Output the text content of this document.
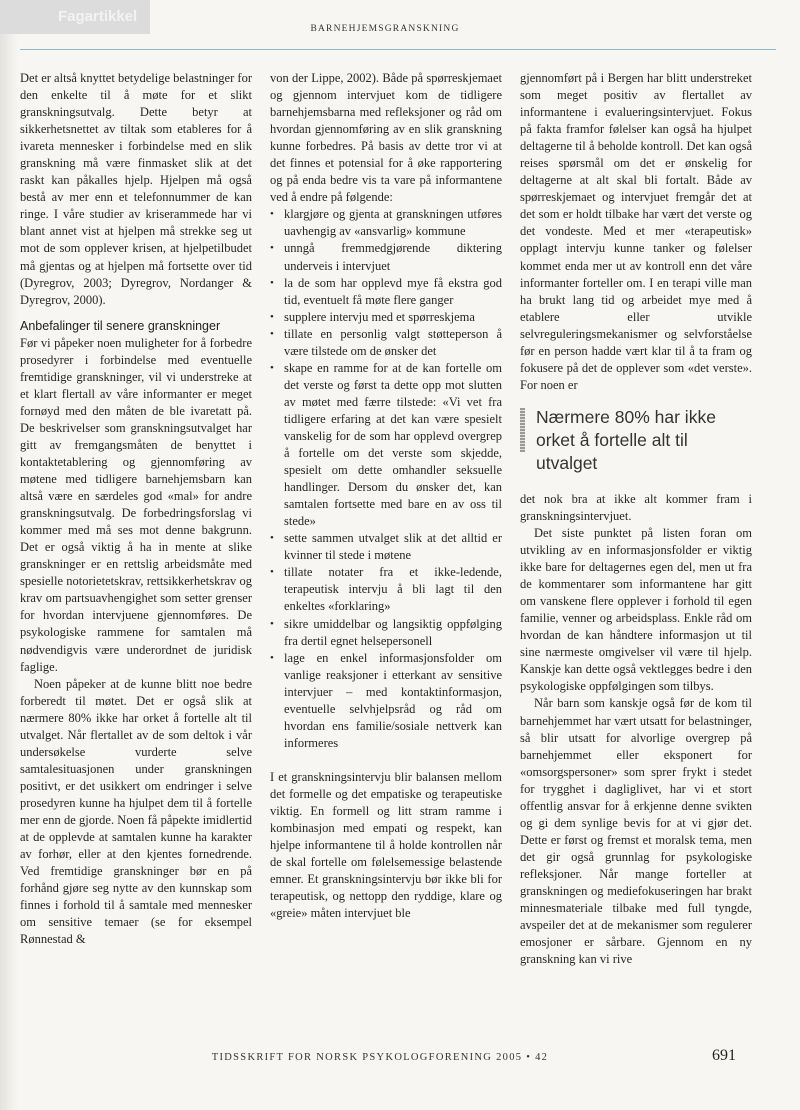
Fagartikkel
BARNEHJEMSGRANSKNING

Det er altså knyttet betydelige belastninger for den enkelte til å møte for et slikt granskningsutvalg. Dette betyr at sikkerhetsnettet av tiltak som etableres for å ivareta mennesker i forbindelse med en slik granskning må være finmasket slik at det raskt kan påkalles hjelp. Hjelpen må også bestå av mer enn et telefonnummer de kan ringe. I våre studier av kriserammede har vi blant annet vist at hjelpen må strekke seg ut mot de som opplever krisen, at hjelpetilbudet må gjentas og at hjelpen må fortsette over tid (Dyregrov, 2003; Dyregrov, Nordanger & Dyregrov, 2000).

Anbefalinger til senere granskninger

Før vi påpeker noen muligheter for å forbedre prosedyrer i forbindelse med eventuelle fremtidige granskninger, vil vi understreke at et klart flertall av våre informanter er meget fornøyd med den måten de ble ivaretatt på. De beskrivelser som granskningsutvalget har gitt av fremgangsmåten de benyttet i kontaktetablering og gjennomføring av møtene med tidligere barnehjemsbarn kan altså være en særdeles god «mal» for andre granskningsutvalg. De forbedringsforslag vi kommer med må ses mot denne bakgrunn. Det er også viktig å ha in mente at slike granskninger er en rettslig arbeidsmåte med spesielle notorietetskrav, rettsikkerhetskrav og krav om partsuavhengighet som setter grenser for hvordan intervjuene gjennomføres. De psykologiske rammene for samtalen må nødvendigvis være underordnet de juridisk faglige.

Noen påpeker at de kunne blitt noe bedre forberedt til møtet. Det er også slik at nærmere 80% ikke har orket å fortelle alt til utvalget. Når flertallet av de som deltok i vår undersøkelse vurderte selve samtalesituasjonen under granskningen positivt, er det usikkert om endringer i selve prosedyren kunne ha hjulpet dem til å fortelle mer enn de gjorde. Noen få påpekte imidlertid at de opplevde at samtalen kunne ha karakter av forhør, eller at den kjentes fornedrende. Ved fremtidige granskninger bør en på forhånd gjøre seg nytte av den kunnskap som finnes i forhold til å samtale med mennesker om sensitive temaer (se for eksempel Rønnestad &

von der Lippe, 2002). Både på spørreskjemaet og gjennom intervjuet kom de tidligere barnehjemsbarna med refleksjoner og råd om hvordan gjennomføring av en slik granskning kunne forbedres. På basis av dette tror vi at det finnes et potensial for å øke rapportering og på enda bedre vis ta vare på informantene ved å endre på følgende:

• klargjøre og gjenta at granskningen utføres uavhengig av «ansvarlig» kommune
• unngå fremmedgjørende diktering underveis i intervjuet
• la de som har opplevd mye få ekstra god tid, eventuelt få møte flere ganger
• supplere intervju med et spørreskjema
• tillate en personlig valgt støtteperson å være tilstede om de ønsker det
• skape en ramme for at de kan fortelle om det verste og først ta dette opp mot slutten av møtet med færre tilstede: «Vi vet fra tidligere erfaring at det kan være spesielt vanskelig for de som har opplevd overgrep å fortelle om det verste som skjedde, spesielt om dette omhandler seksuelle handlinger. Dersom du ønsker det, kan samtalen fortsette med bare en av oss til stede»
• sette sammen utvalget slik at det alltid er kvinner til stede i møtene
• tillate notater fra et ikke-ledende, terapeutisk intervju å bli lagt til den enkeltes «forklaring»
• sikre umiddelbar og langsiktig oppfølging fra dertil egnet helsepersonell
• lage en enkel informasjonsfolder om vanlige reaksjoner i etterkant av sensitive intervjuer – med kontaktinformasjon, eventuelle selvhjelpsråd og råd om hvordan ens familie/sosiale nettverk kan informeres

I et granskningsintervju blir balansen mellom det formelle og det empatiske og terapeutiske viktig. En formell og litt stram ramme i kombinasjon med empati og respekt, kan hjelpe informantene til å holde kontrollen når de skal fortelle om følelsemessige belastende emner. Et granskningsintervju bør ikke bli for terapeutisk, og nettopp den ryddige, klare og «greie» måten intervjuet ble

gjennomført på i Bergen har blitt understreket som meget positiv av flertallet av informantene i evalueringsintervjuet. Fokus på fakta framfor følelser kan også ha hjulpet deltagerne til å beholde kontroll. Det kan også reises spørsmål om det er ønskelig for deltagerne at alt skal bli fortalt. Både av spørreskjemaet og intervjuet fremgår det at det som er holdt tilbake har vært det verste og det vondeste. Med et mer «terapeutisk» opplagt intervju kunne tanker og følelser kommet enda mer ut av kontroll enn det våre informanter forteller om. I en terapi ville man ha brukt lang tid og arbeidet mye med å etablere eller utvikle selvreguleringsmekanismer og selvforståelse før en person hadde vært klar til å ta fram og fokusere på det de opplever som «det verste». For noen er

Nærmere 80% har ikke orket å fortelle alt til utvalget

det nok bra at ikke alt kommer fram i granskningsintervjuet.

Det siste punktet på listen foran om utvikling av en informasjonsfolder er viktig ikke bare for deltagernes egen del, men ut fra de kommentarer som informantene har gitt om vanskene flere opplever i forhold til egen familie, venner og arbeidsplass. Enkle råd om hvordan de kan håndtere informasjon ut til sine nærmeste omgivelser vil være til hjelp. Kanskje kan dette også vektlegges bedre i den psykologiske oppfølgingen som tilbys.

Når barn som kanskje også før de kom til barnehjemmet har vært utsatt for belastninger, så blir utsatt for alvorlige overgrep på barnehjemmet eller eksponert for «omsorgspersoner» som sprer frykt i stedet for trygghet i dagliglivet, har vi et stort offentlig ansvar for å erkjenne denne svikten og gi dem synlige bevis for at vi gjør det. Dette er først og fremst et moralsk tema, men det gir også grunnlag for psykologiske refleksjoner. Når mange forteller at granskningen og mediefokuseringen har brakt minnesmateriale tilbake med full tyngde, avspeiler det at de mekanismer som regulerer emosjoner er sårbare. Gjennom en ny granskning kan vi rive

TIDSSKRIFT FOR NORSK PSYKOLOGFORENING 2005 • 42	691
